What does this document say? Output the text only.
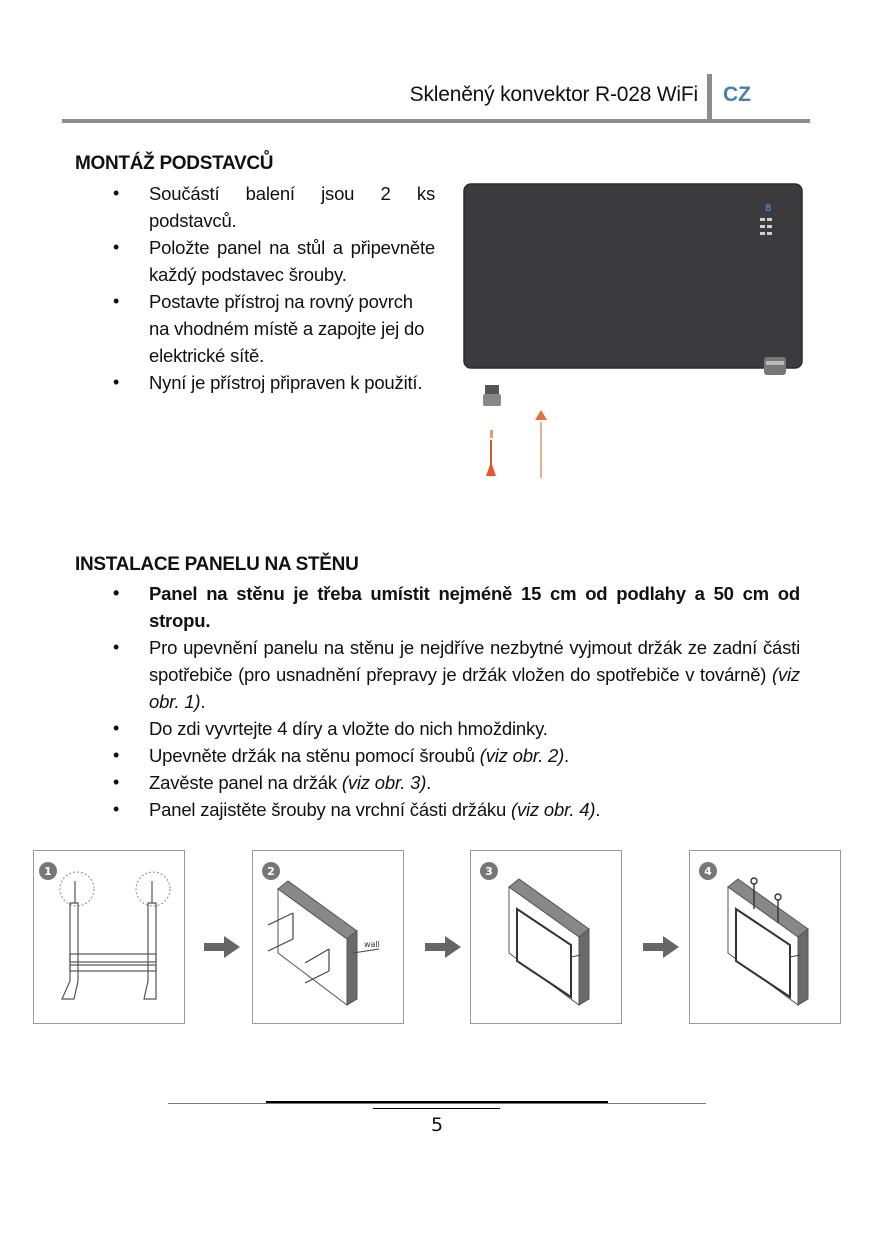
Skleněný konvektor R-028 WiFi CZ
MONTÁŽ PODSTAVCŮ
• Součástí balení jsou 2 ks podstavců.
• Položte panel na stůl a připevněte každý podstavec šrouby.
• Postavte přístroj na rovný povrch na vhodném místě a zapojte jej do elektrické sítě.
• Nyní je přístroj připraven k použití.
8
INSTALACE PANELU NA STĚNU
• Panel na stěnu je třeba umístit nejméně 15 cm od podlahy a 50 cm od stropu.
• Pro upevnění panelu na stěnu je nejdříve nezbytné vyjmout držák ze zadní části spotřebiče (pro usnadnění přepravy je držák vložen do spotřebiče v továrně) (viz obr. 1).
• Do zdi vyvrtejte 4 díry a vložte do nich hmoždinky.
• Upevněte držák na stěnu pomocí šroubů (viz obr. 2).
• Zavěste panel na držák (viz obr. 3).
• Panel zajistěte šrouby na vrchní části držáku (viz obr. 4).
1	2
wall
3	4
5
